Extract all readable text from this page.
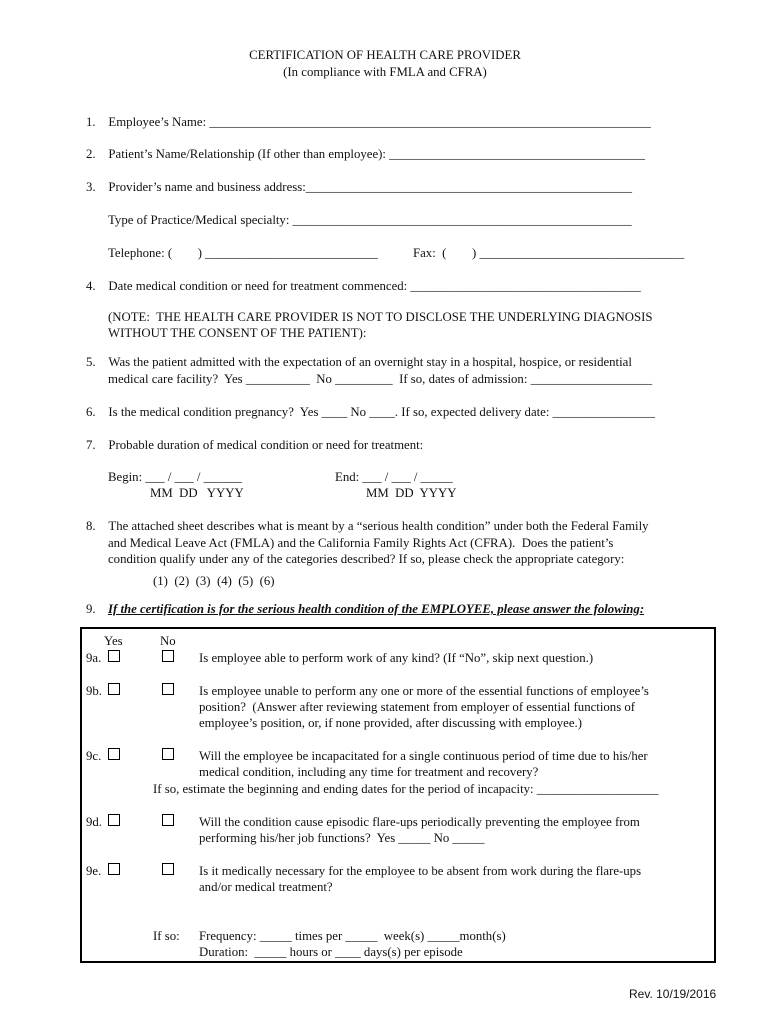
CERTIFICATION OF HEALTH CARE PROVIDER
(In compliance with FMLA and CFRA)
1. Employee’s Name: ___________________________________​__________________________________
2. Patient’s Name/Relationship (If other than employee): ________________________________________
3. Provider’s name and business address:____________________________​_______________________
Type of Practice/Medical specialty: _____________________________________________________
Telephone: (        ) ___________________________	Fax:  (        ) ________________________________
4. Date medical condition or need for treatment commenced: ____________________________________
(NOTE:  THE HEALTH CARE PROVIDER IS NOT TO DISCLOSE THE UNDERLYING DIAGNOSIS
WITHOUT THE CONSENT OF THE PATIENT):
5. Was the patient admitted with the expectation of an overnight stay in a hospital, hospice, or residential
medical care facility?  Yes __________  No _________  If so, dates of admission: ___________________
6. Is the medical condition pregnancy?  Yes ____ No ____. If so, expected delivery date: ________________
7. Probable duration of medical condition or need for treatment:
Begin: ___ / ___ / ______
MM  DD   YYYY
End: ___ / ___ / _____
MM  DD  YYYY
8. The attached sheet describes what is meant by a “serious health condition” under both the Federal Family
and Medical Leave Act (FMLA) and the California Family Rights Act (CFRA).  Does the patient’s
condition qualify under any of the categories described? If so, please check the appropriate category:
(1)  (2)  (3)  (4)  (5)  (6)
9. If the certification is for the serious health condition of the EMPLOYEE, please answer the folowing:
Yes	No
9a.	Is employee able to perform work of any kind? (If “No”, skip next question.)
9b.	Is employee unable to perform any one or more of the essential functions of employee’s
position?  (Answer after reviewing statement from employer of essential functions of
employee’s position, or, if none provided, after discussing with employee.)
9c.	Will the employee be incapacitated for a single continuous period of time due to his/her
medical condition, including any time for treatment and recovery?
If so, estimate the beginning and ending dates for the period of incapacity: ___________________
9d.	Will the condition cause episodic flare-ups periodically preventing the employee from
performing his/her job functions?  Yes _____ No _____
9e.	Is it medically necessary for the employee to be absent from work during the flare-ups
and/or medical treatment?
If so: Frequency: _____ times per _____  week(s) _____month(s)
Duration:  _____ hours or ____ days(s) per episode
Rev. 10/19/2016
